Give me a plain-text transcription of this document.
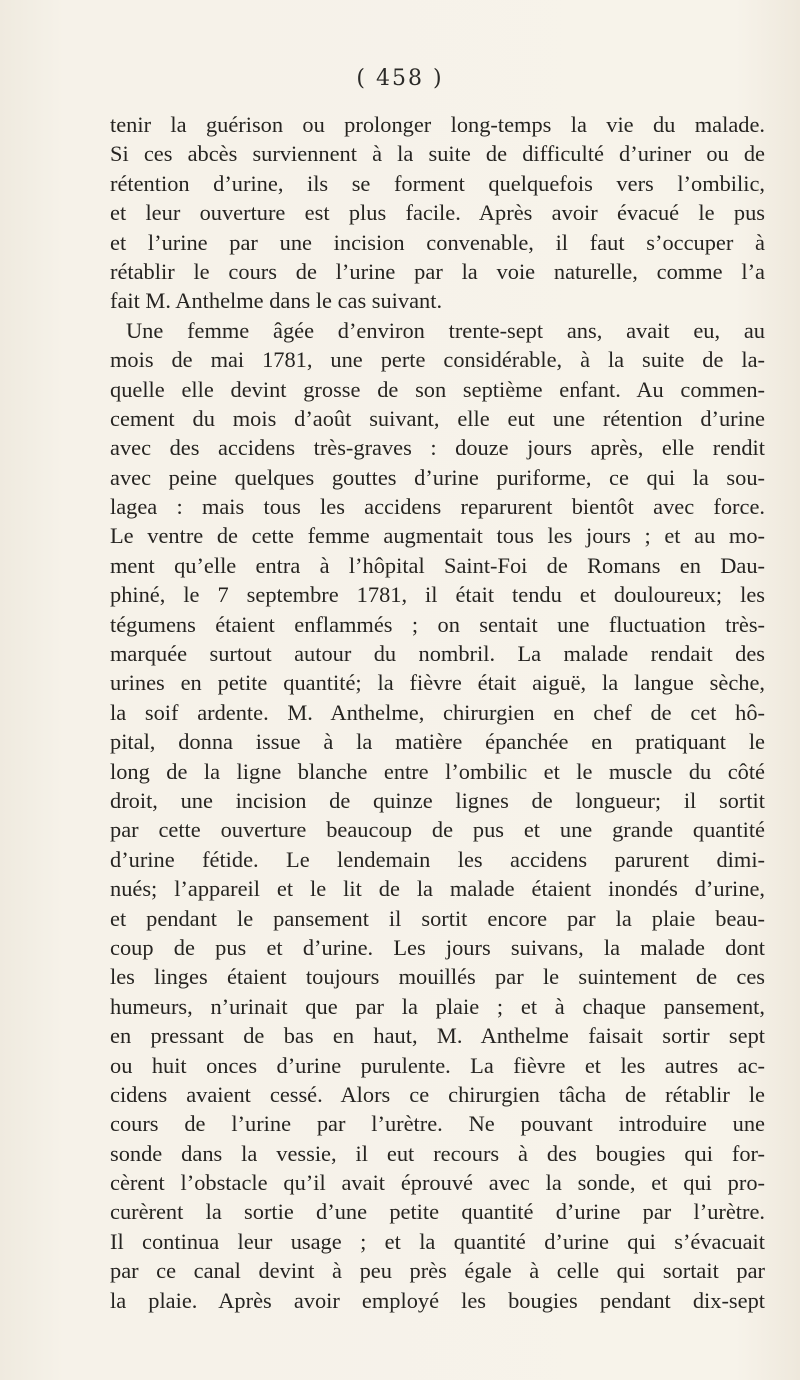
( 458 )

tenir la guérison ou prolonger long-temps la vie du malade.
Si ces abcès surviennent à la suite de difficulté d’uriner ou de
rétention d’urine, ils se forment quelquefois vers l’ombilic,
et leur ouverture est plus facile. Après avoir évacué le pus
et l’urine par une incision convenable, il faut s’occuper à
rétablir le cours de l’urine par la voie naturelle, comme l’a
fait M. Anthelme dans le cas suivant.
Une femme âgée d’environ trente-sept ans, avait eu, au
mois de mai 1781, une perte considérable, à la suite de la-
quelle elle devint grosse de son septième enfant. Au commen-
cement du mois d’août suivant, elle eut une rétention d’urine
avec des accidens très-graves : douze jours après, elle rendit
avec peine quelques gouttes d’urine puriforme, ce qui la sou-
lagea : mais tous les accidens reparurent bientôt avec force.
Le ventre de cette femme augmentait tous les jours ; et au mo-
ment qu’elle entra à l’hôpital Saint-Foi de Romans en Dau-
phiné, le 7 septembre 1781, il était tendu et douloureux; les
tégumens étaient enflammés ; on sentait une fluctuation très-
marquée surtout autour du nombril. La malade rendait des
urines en petite quantité; la fièvre était aiguë, la langue sèche,
la soif ardente. M. Anthelme, chirurgien en chef de cet hô-
pital, donna issue à la matière épanchée en pratiquant le
long de la ligne blanche entre l’ombilic et le muscle du côté
droit, une incision de quinze lignes de longueur; il sortit
par cette ouverture beaucoup de pus et une grande quantité
d’urine fétide. Le lendemain les accidens parurent dimi-
nués; l’appareil et le lit de la malade étaient inondés d’urine,
et pendant le pansement il sortit encore par la plaie beau-
coup de pus et d’urine. Les jours suivans, la malade dont
les linges étaient toujours mouillés par le suintement de ces
humeurs, n’urinait que par la plaie ; et à chaque pansement,
en pressant de bas en haut, M. Anthelme faisait sortir sept
ou huit onces d’urine purulente. La fièvre et les autres ac-
cidens avaient cessé. Alors ce chirurgien tâcha de rétablir le
cours de l’urine par l’urètre. Ne pouvant introduire une
sonde dans la vessie, il eut recours à des bougies qui for-
cèrent l’obstacle qu’il avait éprouvé avec la sonde, et qui pro-
curèrent la sortie d’une petite quantité d’urine par l’urètre.
Il continua leur usage ; et la quantité d’urine qui s’évacuait
par ce canal devint à peu près égale à celle qui sortait par
la plaie. Après avoir employé les bougies pendant dix-sept
